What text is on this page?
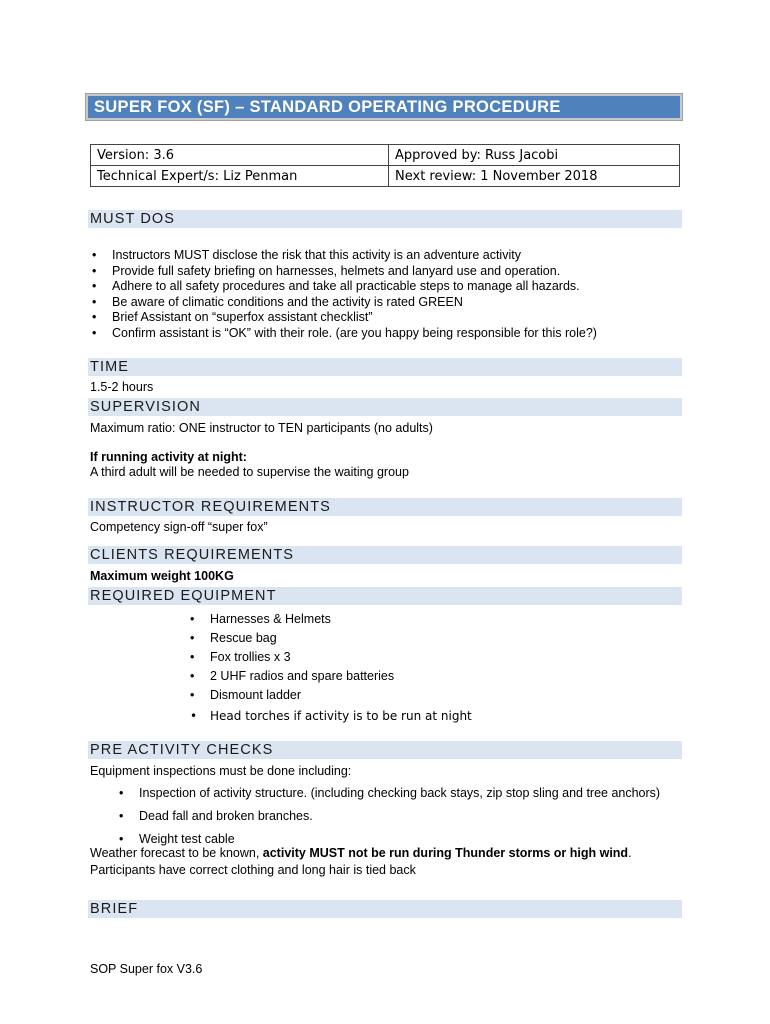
SUPER FOX (SF) – STANDARD OPERATING PROCEDURE
Version: 3.6	Approved by: Russ Jacobi
Technical Expert/s: Liz Penman	Next review: 1 November 2018
MUST DOS
• Instructors MUST disclose the risk that this activity is an adventure activity
• Provide full safety briefing on harnesses, helmets and lanyard use and operation.
• Adhere to all safety procedures and take all practicable steps to manage all hazards.
• Be aware of climatic conditions and the activity is rated GREEN
• Brief Assistant on “superfox assistant checklist”
• Confirm assistant is “OK” with their role. (are you happy being responsible for this role?)
TIME
1.5-2 hours
SUPERVISION
Maximum ratio: ONE instructor to TEN participants (no adults)
If running activity at night:
A third adult will be needed to supervise the waiting group
INSTRUCTOR REQUIREMENTS
Competency sign-off “super fox”
CLIENTS REQUIREMENTS
Maximum weight 100KG
REQUIRED EQUIPMENT
• Harnesses & Helmets
• Rescue bag
• Fox trollies x 3
• 2 UHF radios and spare batteries
• Dismount ladder
• Head torches if activity is to be run at night
PRE ACTIVITY CHECKS
Equipment inspections must be done including:
• Inspection of activity structure. (including checking back stays, zip stop sling and tree anchors)
• Dead fall and broken branches.
• Weight test cable
Weather forecast to be known, activity MUST not be run during Thunder storms or high wind.
Participants have correct clothing and long hair is tied back
BRIEF
SOP Super fox V3.6
